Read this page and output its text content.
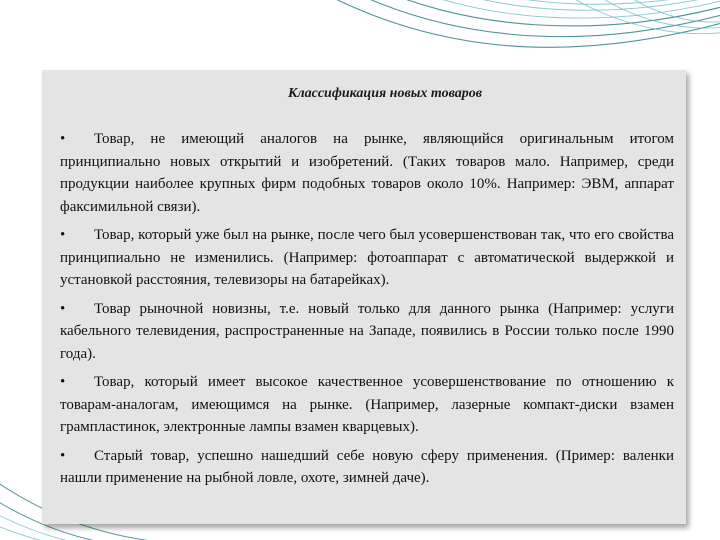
Классификация новых товаров
• Товар, не имеющий аналогов на рынке, являющийся оригинальным итогом принципиально новых открытий и изобретений. (Таких товаров мало. Например, среди продукции наиболее крупных фирм подобных товаров около 10%. Например: ЭВМ, аппарат факсимильной связи).
• Товар, который уже был на рынке, после чего был усовершенствован так, что его свойства принципиально не изменились. (Например: фотоаппарат с автоматической выдержкой и установкой расстояния, телевизоры на батарейках).
• Товар рыночной новизны, т.е. новый только для данного рынка (Например: услуги кабельного телевидения, распространенные на Западе, появились в России только после 1990 года).
• Товар, который имеет высокое качественное усовершенствование по отношению к товарам-аналогам, имеющимся на рынке. (Например, лазерные компакт-диски взамен грампластинок, электронные лампы взамен кварцевых).
• Старый товар, успешно нашедший себе новую сферу применения. (Пример: валенки нашли применение на рыбной ловле, охоте, зимней даче).
